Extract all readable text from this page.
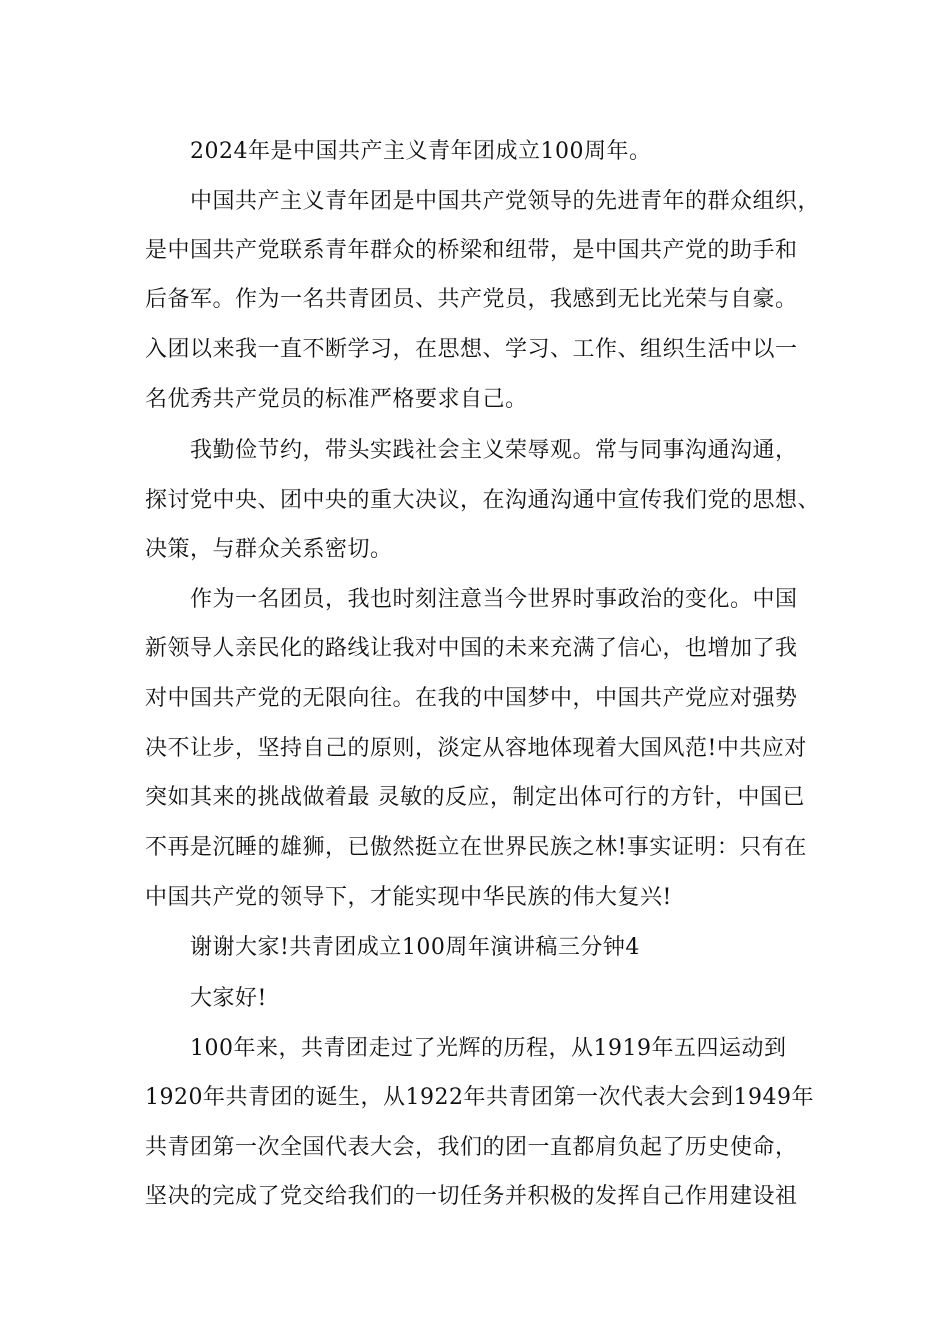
2024年是中国共产主义青年团成立100周年。
中国共产主义青年团是中国共产党领导的先进青年的群众组织，
是中国共产党联系青年群众的桥梁和纽带，是中国共产党的助手和
后备军。作为一名共青团员、共产党员，我感到无比光荣与自豪。
入团以来我一直不断学习，在思想、学习、工作、组织生活中以一
名优秀共产党员的标准严格要求自己。
我勤俭节约，带头实践社会主义荣辱观。常与同事沟通沟通，
探讨党中央、团中央的重大决议，在沟通沟通中宣传我们党的思想、
决策，与群众关系密切。
作为一名团员，我也时刻注意当今世界时事政治的变化。中国
新领导人亲民化的路线让我对中国的未来充满了信心，也增加了我
对中国共产党的无限向往。在我的中国梦中，中国共产党应对强势
决不让步，坚持自己的原则，淡定从容地体现着大国风范!中共应对
突如其来的挑战做着最 灵敏的反应，制定出体可行的方针，中国已
不再是沉睡的雄狮，已傲然挺立在世界民族之林!事实证明：只有在
中国共产党的领导下，才能实现中华民族的伟大复兴!
谢谢大家!共青团成立100周年演讲稿三分钟4
大家好!
100年来，共青团走过了光辉的历程，从1919年五四运动到
1920年共青团的诞生，从1922年共青团第一次代表大会到1949年
共青团第一次全国代表大会，我们的团一直都肩负起了历史使命，
坚决的完成了党交给我们的一切任务并积极的发挥自己作用建设祖
